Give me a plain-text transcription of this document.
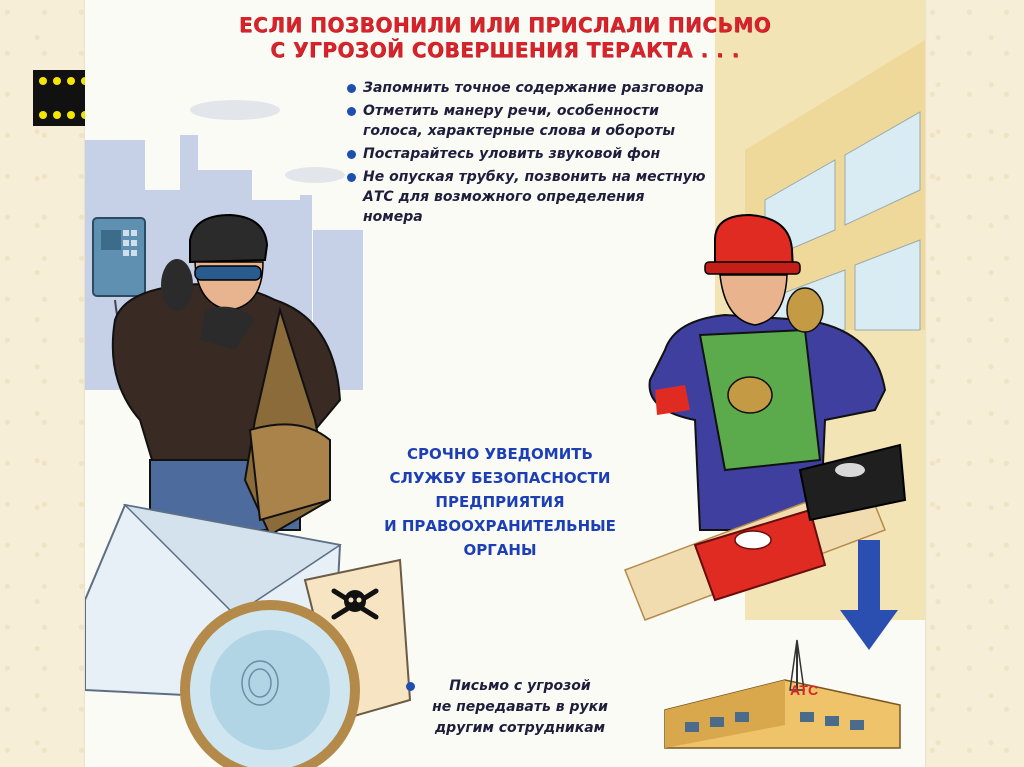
ЕСЛИ ПОЗВОНИЛИ ИЛИ ПРИСЛАЛИ ПИСЬМО
С УГРОЗОЙ СОВЕРШЕНИЯ ТЕРАКТА . . .
Запомнить точное содержание разговора
Отметить манеру речи, особенности голоса, характерные слова и обороты
Постарайтесь уловить звуковой фон
Не опуская трубку, позвонить на местную АТС для возможного определения номера
СРОЧНО УВЕДОМИТЬ
СЛУЖБУ БЕЗОПАСНОСТИ
ПРЕДПРИЯТИЯ
И ПРАВООХРАНИТЕЛЬНЫЕ
ОРГАНЫ
Письмо с угрозой
не передавать в руки
другим сотрудникам
АТС
